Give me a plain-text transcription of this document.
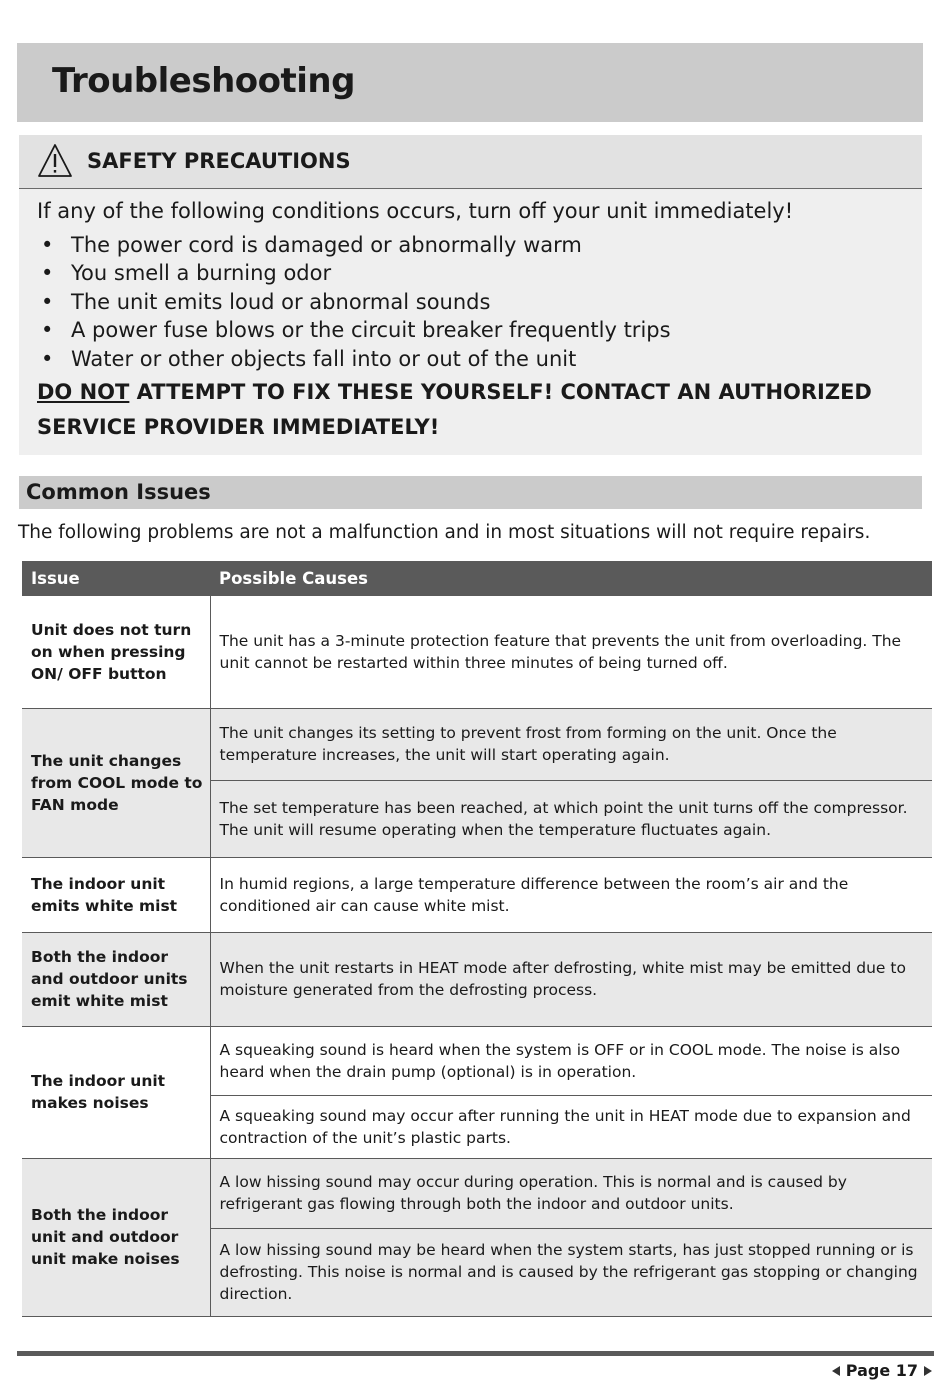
Troubleshooting
SAFETY PRECAUTIONS

If any of the following conditions occurs, turn off your unit immediately!

• The power cord is damaged or abnormally warm
• You smell a burning odor
• The unit emits loud or abnormal sounds
• A power fuse blows or the circuit breaker frequently trips
• Water or other objects fall into or out of the unit

DO NOT ATTEMPT TO FIX THESE YOURSELF! CONTACT AN AUTHORIZED SERVICE PROVIDER IMMEDIATELY!

Common Issues

The following problems are not a malfunction and in most situations will not require repairs.

Issue	Possible Causes
Unit does not turn on when pressing ON/ OFF button	The unit has a 3-minute protection feature that prevents the unit from overloading. The unit cannot be restarted within three minutes of being turned off.
The unit changes from COOL mode to FAN mode	The unit changes its setting to prevent frost from forming on the unit. Once the temperature increases, the unit will start operating again.
	The set temperature has been reached, at which point the unit turns off the compressor. The unit will resume operating when the temperature fluctuates again.
The indoor unit emits white mist	In humid regions, a large temperature difference between the room’s air and the conditioned air can cause white mist.
Both the indoor and outdoor units emit white mist	When the unit restarts in HEAT mode after defrosting, white mist may be emitted due to moisture generated from the defrosting process.
The indoor unit makes noises	A squeaking sound is heard when the system is OFF or in COOL mode. The noise is also heard when the drain pump (optional) is in operation.
	A squeaking sound may occur after running the unit in HEAT mode due to expansion and contraction of the unit’s plastic parts.
Both the indoor unit and outdoor unit make noises	A low hissing sound may occur during operation. This is normal and is caused by refrigerant gas flowing through both the indoor and outdoor units.
	A low hissing sound may be heard when the system starts, has just stopped running or is defrosting. This noise is normal and is caused by the refrigerant gas stopping or changing direction.
Page 17
